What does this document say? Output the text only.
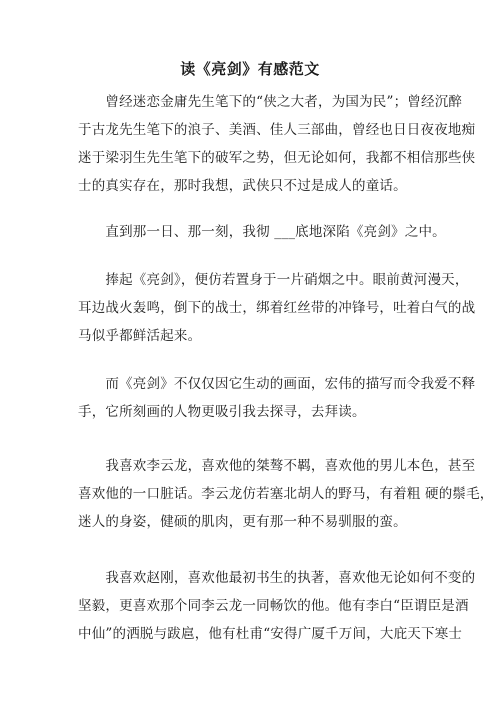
读《亮剑》有感范文
　　曾经迷恋金庸先生笔下的“侠之大者，为国为民”；曾经沉醉
于古龙先生笔下的浪子、美酒、佳人三部曲，曾经也日日夜夜地痴
迷于梁羽生先生笔下的破军之势，但无论如何，我都不相信那些侠
士的真实存在，那时我想，武侠只不过是成人的童话。
　　直到那一日、那一刻，我彻 ___底地深陷《亮剑》之中。
　　捧起《亮剑》，便仿若置身于一片硝烟之中。眼前黄河漫天，
耳边战火轰鸣，倒下的战士，绑着红丝带的冲锋号，吐着白气的战
马似乎都鲜活起来。
　　而《亮剑》不仅仅因它生动的画面，宏伟的描写而令我爱不释
手，它所刻画的人物更吸引我去探寻，去拜读。
　　我喜欢李云龙，喜欢他的桀骜不羁，喜欢他的男儿本色，甚至
喜欢他的一口脏话。李云龙仿若塞北胡人的野马，有着粗 硬的鬃毛，
迷人的身姿，健硕的肌肉，更有那一种不易驯服的蛮。
　　我喜欢赵刚，喜欢他最初书生的执著，喜欢他无论如何不变的
坚毅，更喜欢那个同李云龙一同畅饮的他。他有李白“臣谓臣是酒
中仙”的洒脱与跋扈，他有杜甫“安得广厦千万间，大庇天下寒士
